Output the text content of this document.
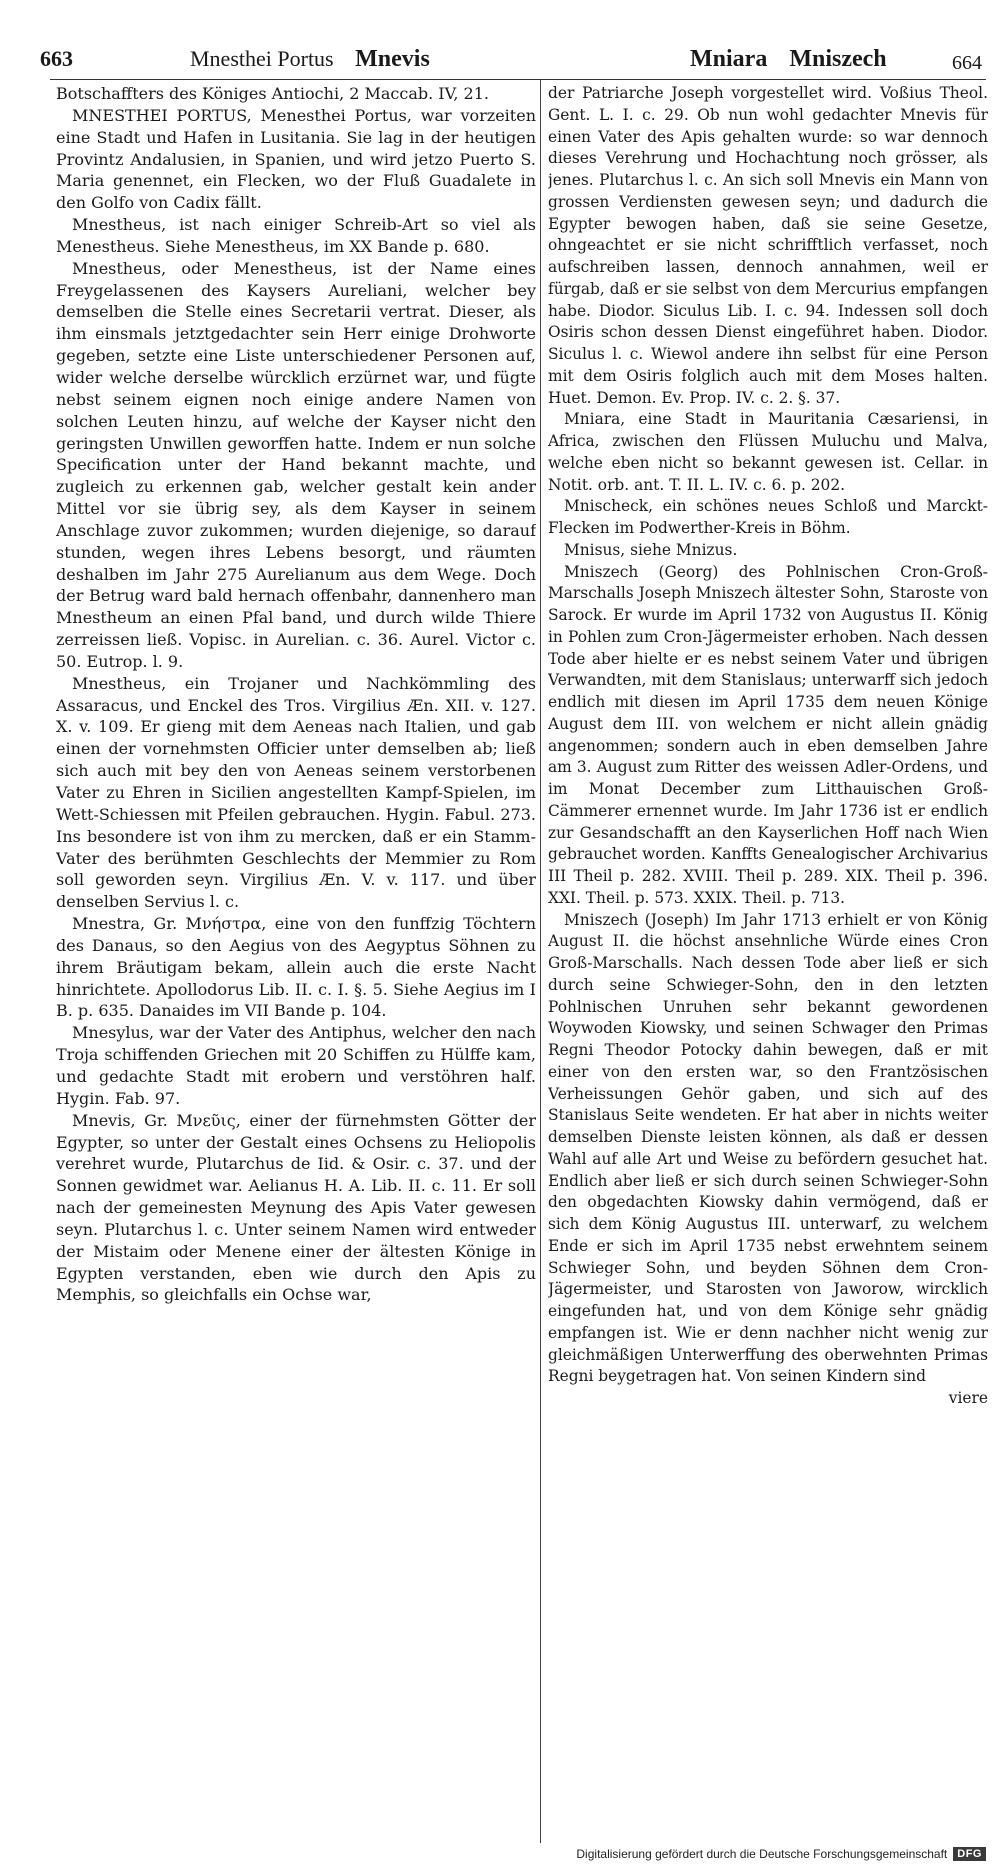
663	Mnesthei Portus Mnevis	Mniara Mniszech	664

Botschaffters des Königes Antiochi, 2 Maccab. IV, 21.

MNESTHEI PORTUS, Menesthei Portus, war vorzeiten eine Stadt und Hafen in Lusitania. Sie lag in der heutigen Provintz Andalusien, in Spanien, und wird jetzo Puerto S. Maria genennet, ein Flecken, wo der Fluß Guadalete in den Golfo von Cadix fällt.

Mnestheus, ist nach einiger Schreib-Art so viel als Menestheus. Siehe Menestheus, im XX Bande p. 680.

Mnestheus, oder Menestheus, ist der Name eines Freygelassenen des Kaysers Aureliani, welcher bey demselben die Stelle eines Secretarii vertrat. Dieser, als ihm einsmals jetztgedachter sein Herr einige Drohworte gegeben, setzte eine Liste unterschiedener Personen auf, wider welche derselbe würcklich erzürnet war, und fügte nebst seinem eignen noch einige andere Namen von solchen Leuten hinzu, auf welche der Kayser nicht den geringsten Unwillen geworffen hatte. Indem er nun solche Specification unter der Hand bekannt machte, und zugleich zu erkennen gab, welcher gestalt kein ander Mittel vor sie übrig sey, als dem Kayser in seinem Anschlage zuvor zukommen; wurden diejenige, so darauf stunden, wegen ihres Lebens besorgt, und räumten deshalben im Jahr 275 Aurelianum aus dem Wege. Doch der Betrug ward bald hernach offenbahr, dannenhero man Mnestheum an einen Pfal band, und durch wilde Thiere zerreissen ließ. Vopisc. in Aurelian. c. 36. Aurel. Victor c. 50. Eutrop. l. 9.

Mnestheus, ein Trojaner und Nachkömmling des Assaracus, und Enckel des Tros. Virgilius Æn. XII. v. 127. X. v. 109. Er gieng mit dem Aeneas nach Italien, und gab einen der vornehmsten Officier unter demselben ab; ließ sich auch mit bey den von Aeneas seinem verstorbenen Vater zu Ehren in Sicilien angestellten Kampf-Spielen, im Wett-Schiessen mit Pfeilen gebrauchen. Hygin. Fabul. 273. Ins besondere ist von ihm zu mercken, daß er ein Stamm-Vater des berühmten Geschlechts der Memmier zu Rom soll geworden seyn. Virgilius Æn. V. v. 117. und über denselben Servius l. c.

Mnestra, Gr. Μνήστρα, eine von den funffzig Töchtern des Danaus, so den Aegius von des Aegyptus Söhnen zu ihrem Bräutigam bekam, allein auch die erste Nacht hinrichtete. Apollodorus Lib. II. c. I. §. 5. Siehe Aegius im I B. p. 635. Danaides im VII Bande p. 104.

Mnesylus, war der Vater des Antiphus, welcher den nach Troja schiffenden Griechen mit 20 Schiffen zu Hülffe kam, und gedachte Stadt mit erobern und verstöhren half. Hygin. Fab. 97.

Mnevis, Gr. Μνεῦις, einer der fürnehmsten Götter der Egypter, so unter der Gestalt eines Ochsens zu Heliopolis verehret wurde, Plutarchus de Iid. & Osir. c. 37. und der Sonnen gewidmet war. Aelianus H. A. Lib. II. c. 11. Er soll nach der gemeinesten Meynung des Apis Vater gewesen seyn. Plutarchus l. c. Unter seinem Namen wird entweder der Mistaim oder Menene einer der ältesten Könige in Egypten verstanden, eben wie durch den Apis zu Memphis, so gleichfalls ein Ochse war,

der Patriarche Joseph vorgestellet wird. Voßius Theol. Gent. L. I. c. 29. Ob nun wohl gedachter Mnevis für einen Vater des Apis gehalten wurde: so war dennoch dieses Verehrung und Hochachtung noch grösser, als jenes. Plutarchus l. c. An sich soll Mnevis ein Mann von grossen Verdiensten gewesen seyn; und dadurch die Egypter bewogen haben, daß sie seine Gesetze, ohngeachtet er sie nicht schrifftlich verfasset, noch aufschreiben lassen, dennoch annahmen, weil er fürgab, daß er sie selbst von dem Mercurius empfangen habe. Diodor. Siculus Lib. I. c. 94. Indessen soll doch Osiris schon dessen Dienst eingeführet haben. Diodor. Siculus l. c. Wiewol andere ihn selbst für eine Person mit dem Osiris folglich auch mit dem Moses halten. Huet. Demon. Ev. Prop. IV. c. 2. §. 37.

Mniara, eine Stadt in Mauritania Cæsariensi, in Africa, zwischen den Flüssen Muluchu und Malva, welche eben nicht so bekannt gewesen ist. Cellar. in Notit. orb. ant. T. II. L. IV. c. 6. p. 202.

Mnischeck, ein schönes neues Schloß und Marckt-Flecken im Podwerther-Kreis in Böhm.

Mnisus, siehe Mnizus.

Mniszech (Georg) des Pohlnischen Cron-Groß-Marschalls Joseph Mniszech ältester Sohn, Staroste von Sarock. Er wurde im April 1732 von Augustus II. König in Pohlen zum Cron-Jägermeister erhoben. Nach dessen Tode aber hielte er es nebst seinem Vater und übrigen Verwandten, mit dem Stanislaus; unterwarff sich jedoch endlich mit diesen im April 1735 dem neuen Könige August dem III. von welchem er nicht allein gnädig angenommen; sondern auch in eben demselben Jahre am 3. August zum Ritter des weissen Adler-Ordens, und im Monat December zum Litthauischen Groß-Cämmerer ernennet wurde. Im Jahr 1736 ist er endlich zur Gesandschafft an den Kayserlichen Hoff nach Wien gebrauchet worden. Kanffts Genealogischer Archivarius III Theil p. 282. XVIII. Theil p. 289. XIX. Theil p. 396. XXI. Theil. p. 573. XXIX. Theil. p. 713.

Mniszech (Joseph) Im Jahr 1713 erhielt er von König August II. die höchst ansehnliche Würde eines Cron Groß-Marschalls. Nach dessen Tode aber ließ er sich durch seine Schwieger-Sohn, den in den letzten Pohlnischen Unruhen sehr bekannt gewordenen Woywoden Kiowsky, und seinen Schwager den Primas Regni Theodor Potocky dahin bewegen, daß er mit einer von den ersten war, so den Frantzösischen Verheissungen Gehör gaben, und sich auf des Stanislaus Seite wendeten. Er hat aber in nichts weiter demselben Dienste leisten können, als daß er dessen Wahl auf alle Art und Weise zu befördern gesuchet hat. Endlich aber ließ er sich durch seinen Schwieger-Sohn den obgedachten Kiowsky dahin vermögend, daß er sich dem König Augustus III. unterwarf, zu welchem Ende er sich im April 1735 nebst erwehntem seinem Schwieger Sohn, und beyden Söhnen dem Cron-Jägermeister, und Starosten von Jaworow, wircklich eingefunden hat, und von dem Könige sehr gnädig empfangen ist. Wie er denn nachher nicht wenig zur gleichmäßigen Unterwerffung des oberwehnten Primas Regni beygetragen hat. Von seinen Kindern sind

viere

Digitalisierung gefördert durch die Deutsche Forschungsgemeinschaft DFG
